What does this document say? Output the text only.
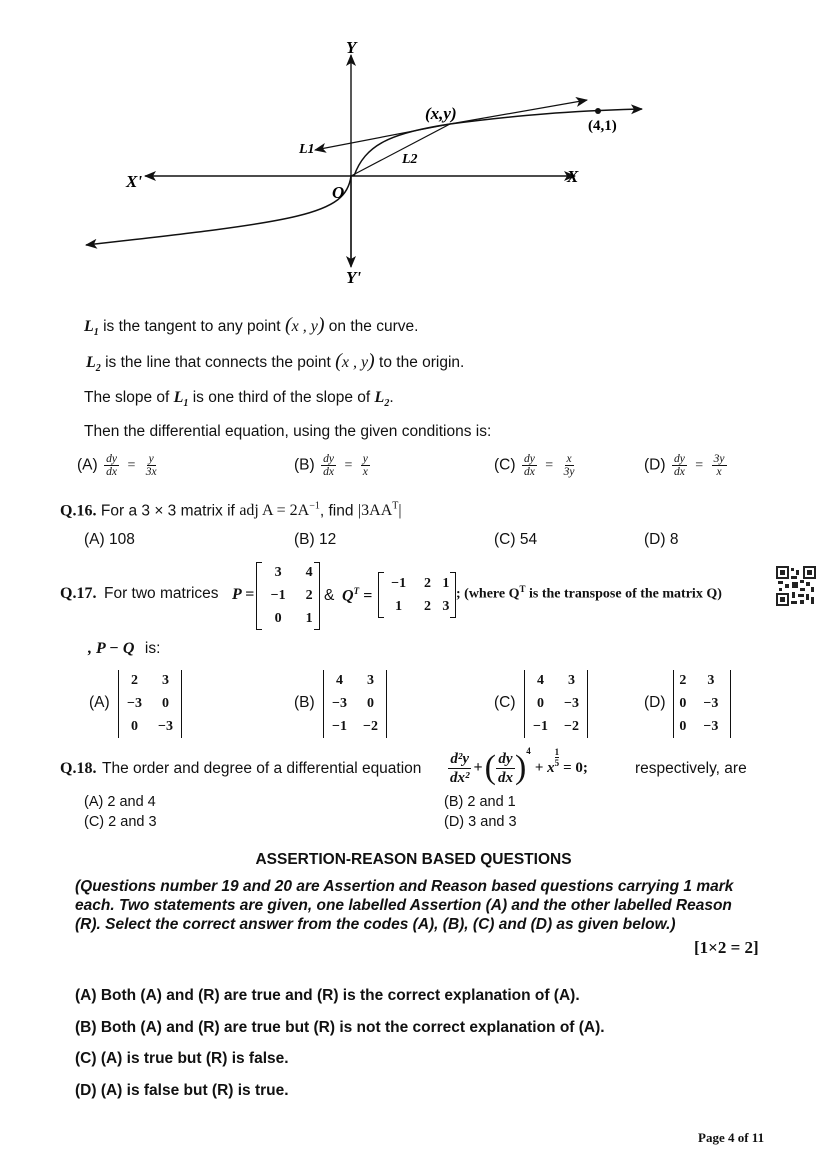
Y
Y'
X
X'
O
(x,y)
(4,1)
L1
L2
$L_1$ is the tangent to any point (x , y) on the curve.
$L_2$ is the line that connects the point (x , y) to the origin.
The slope of $L_1$ is one third of the slope of $L_2$.
Then the differential equation, using the given conditions is:
$(A) \frac{dy}{dx} = \frac{y}{3x}$	$(B) \frac{dy}{dx} = \frac{y}{x}$	$(C) \frac{dy}{dx} = \frac{x}{3y}$	$(D) \frac{dy}{dx} = \frac{3y}{x}$
Q.16. For a 3 × 3 matrix if adj $A = 2A^{-1}$, find $|3AA^T|$
(A) 108	(B) 12	(C) 54	(D) 8
Q.17. For two matrices P =
3	4
−1	2
0	1
& $Q^T$ =
−1	2	1
1	2	3
; (where $Q^T$ is the transpose of the matrix Q)
, P − Q is:
(A)
2	3
−3	0
0	−3
(B)
4	3
−3	0
−1	−2
(C)
4	3
0	−3
−1	−2
(D)
2	3
0	−3
0	−3
Q.18. The order and degree of a differential equation
d²y
dx²
+ ( dy
dx ) 4
+ x $\frac{1}{5} = 0$;	respectively, are
(A) 2 and 4	(B) 2 and 1
(C) 2 and 3	(D) 3 and 3
ASSERTION-REASON BASED QUESTIONS
(Questions number 19 and 20 are Assertion and Reason based questions carrying 1 mark
each. Two statements are given, one labelled Assertion (A) and the other labelled Reason
(R). Select the correct answer from the codes (A), (B), (C) and (D) as given below.)
[1×2 = 2]
(A) Both (A) and (R) are true and (R) is the correct explanation of (A).
(B) Both (A) and (R) are true but (R) is not the correct explanation of (A).
(C) (A) is true but (R) is false.
(D) (A) is false but (R) is true.
Page 4 of 11
